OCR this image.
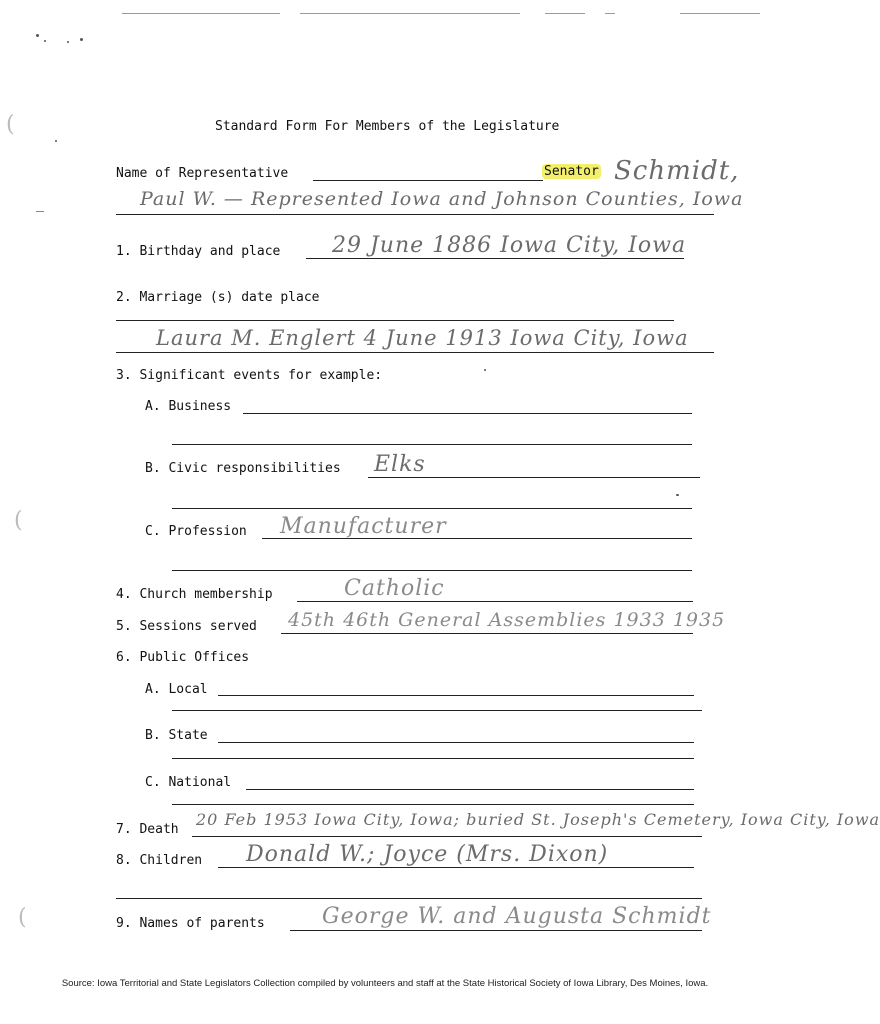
(
(
(
Standard Form For Members of the Legislature
Name of Representative	Senator Schmidt,
Paul W. — Represented Iowa and Johnson Counties, Iowa
1. Birthday and place 29 June 1886 Iowa City, Iowa
2. Marriage (s) date place
Laura M. Englert 4 June 1913 Iowa City, Iowa
3. Significant events for example:
A. Business
B. Civic responsibilities Elks
C. Profession Manufacturer
4. Church membership	Catholic
5. Sessions served 45th 46th General Assemblies 1933 1935
6. Public Offices
A. Local
B. State
C. National
7. Death
20 Feb 1953 Iowa City, Iowa; buried St. Joseph's Cemetery, Iowa City, Iowa
8. Children Donald W.; Joyce (Mrs. Dixon)
9. Names of parents	George W. and Augusta Schmidt
Source: Iowa Territorial and State Legislators Collection compiled by volunteers and staff at the State Historical Society of Iowa Library, Des Moines, Iowa.
